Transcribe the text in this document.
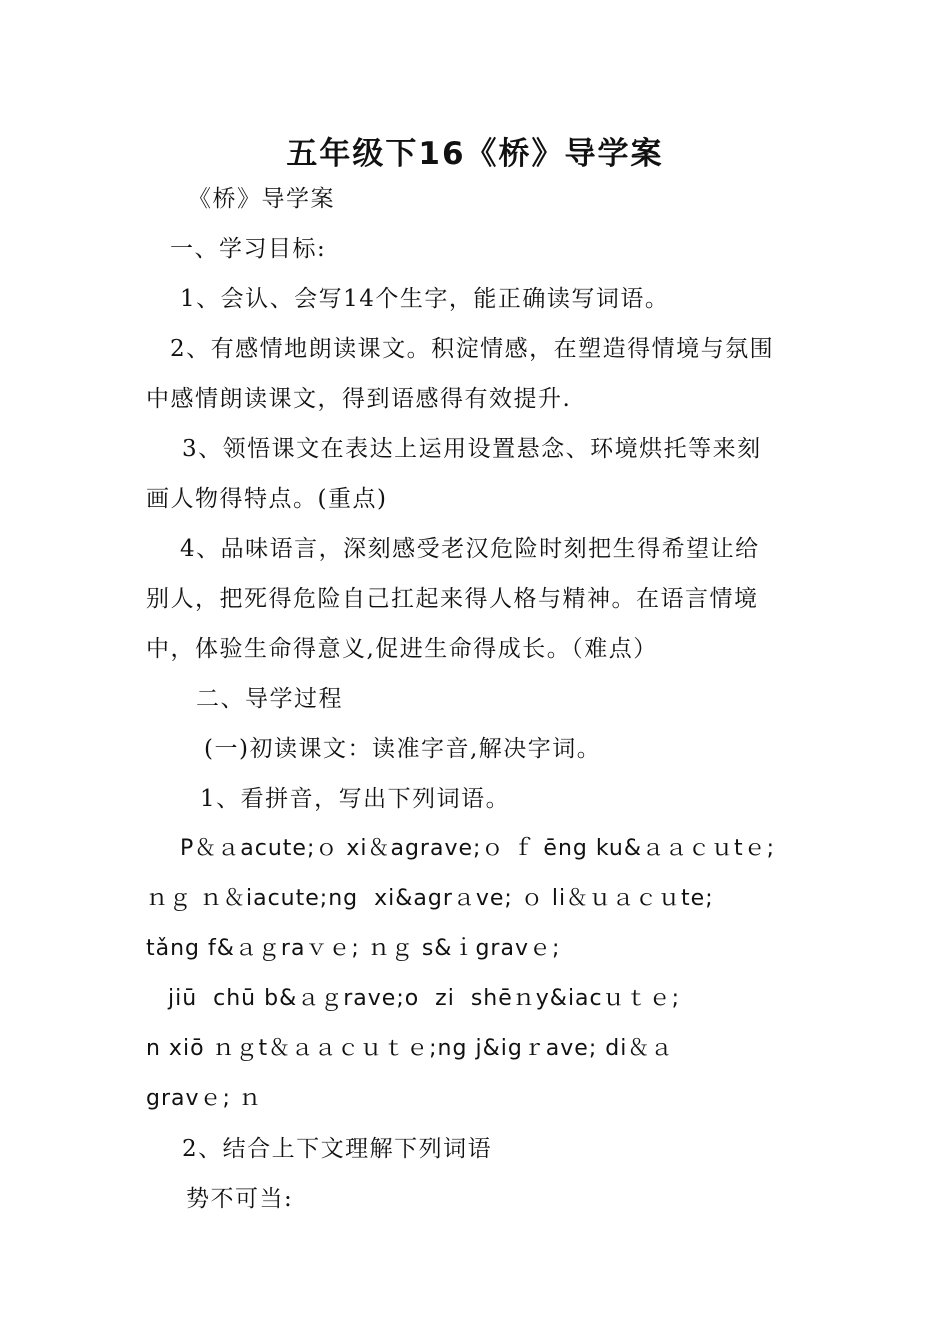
五年级下16《桥》导学案

《桥》导学案

一、学习目标:

1、会认、会写14个生字，能正确读写词语。

2、有感情地朗读课文。积淀情感，在塑造得情境与氛围

中感情朗读课文，得到语感得有效提升.

3、领悟课文在表达上运用设置悬念、环境烘托等来刻

画人物得特点。(重点)

4、品味语言，深刻感受老汉危险时刻把生得希望让给

别人，把死得危险自己扛起来得人格与精神。在语言情境

中，体验生命得意义,促进生命得成长。（难点）

二、导学过程

(一)初读课文：读准字音,解决字词。

1、看拼音，写出下列词语。

P＆ａacute;ｏ xi＆agrave;ｏ ｆ ēng ku&ａａｃｕtｅ;

ｎｇ ｎ＆iacute;ng  xi&agrａve; ｏ li＆ｕａｃｕte;

tǎng f&ａｇraｖｅ; ｎｇ s&ｉgravｅ;

jiū  chū b&ａｇrave;o  zi  shēｎy&iacｕｔｅ;

n xiō ｎｇt＆ａａｃｕｔｅ;ng j&igｒave; di＆ａ

gravｅ; ｎ

2、结合上下文理解下列词语

势不可当:
